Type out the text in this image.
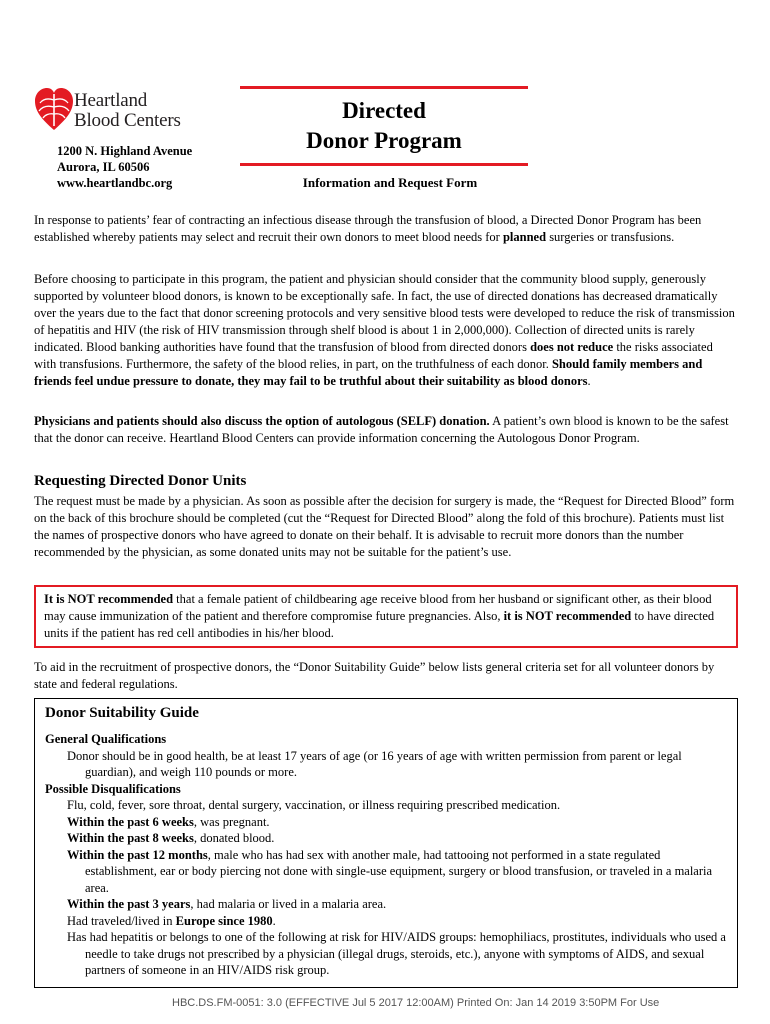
Heartland
Blood Centers
1200 N. Highland Avenue
Aurora, IL 60506
www.heartlandbc.org
Directed
Donor Program
Information and Request Form
In response to patients’ fear of contracting an infectious disease through the transfusion of blood, a Directed Donor Program has been established whereby patients may select and recruit their own donors to meet blood needs for planned surgeries or transfusions.
Before choosing to participate in this program, the patient and physician should consider that the community blood supply, generously supported by volunteer blood donors, is known to be exceptionally safe. In fact, the use of directed donations has decreased dramatically over the years due to the fact that donor screening protocols and very sensitive blood tests were developed to reduce the risk of transmission of hepatitis and HIV (the risk of HIV transmission through shelf blood is about 1 in 2,000,000). Collection of directed units is rarely indicated. Blood banking authorities have found that the transfusion of blood from directed donors does not reduce the risks associated with transfusions. Furthermore, the safety of the blood relies, in part, on the truthfulness of each donor. Should family members and friends feel undue pressure to donate, they may fail to be truthful about their suitability as blood donors.
Physicians and patients should also discuss the option of autologous (SELF) donation. A patient’s own blood is known to be the safest that the donor can receive. Heartland Blood Centers can provide information concerning the Autologous Donor Program.
Requesting Directed Donor Units
The request must be made by a physician. As soon as possible after the decision for surgery is made, the “Request for Directed Blood” form on the back of this brochure should be completed (cut the “Request for Directed Blood” along the fold of this brochure). Patients must list the names of prospective donors who have agreed to donate on their behalf. It is advisable to recruit more donors than the number recommended by the physician, as some donated units may not be suitable for the patient’s use.
It is NOT recommended that a female patient of childbearing age receive blood from her husband or significant other, as their blood may cause immunization of the patient and therefore compromise future pregnancies. Also, it is NOT recommended to have directed units if the patient has red cell antibodies in his/her blood.
To aid in the recruitment of prospective donors, the “Donor Suitability Guide” below lists general criteria set for all volunteer donors by state and federal regulations.
Donor Suitability Guide
General Qualifications
Donor should be in good health, be at least 17 years of age (or 16 years of age with written permission from parent or legal guardian), and weigh 110 pounds or more.
Possible Disqualifications
Flu, cold, fever, sore throat, dental surgery, vaccination, or illness requiring prescribed medication.
Within the past 6 weeks, was pregnant.
Within the past 8 weeks, donated blood.
Within the past 12 months, male who has had sex with another male, had tattooing not performed in a state regulated establishment, ear or body piercing not done with single-use equipment, surgery or blood transfusion, or traveled in a malaria area.
Within the past 3 years, had malaria or lived in a malaria area.
Had traveled/lived in Europe since 1980.
Has had hepatitis or belongs to one of the following at risk for HIV/AIDS groups: hemophiliacs, prostitutes, individuals who used a needle to take drugs not prescribed by a physician (illegal drugs, steroids, etc.), anyone with symptoms of AIDS, and sexual partners of someone in an HIV/AIDS risk group.
HBC.DS.FM-0051: 3.0 (EFFECTIVE Jul 5 2017 12:00AM) Printed On: Jan 14 2019 3:50PM For Use
